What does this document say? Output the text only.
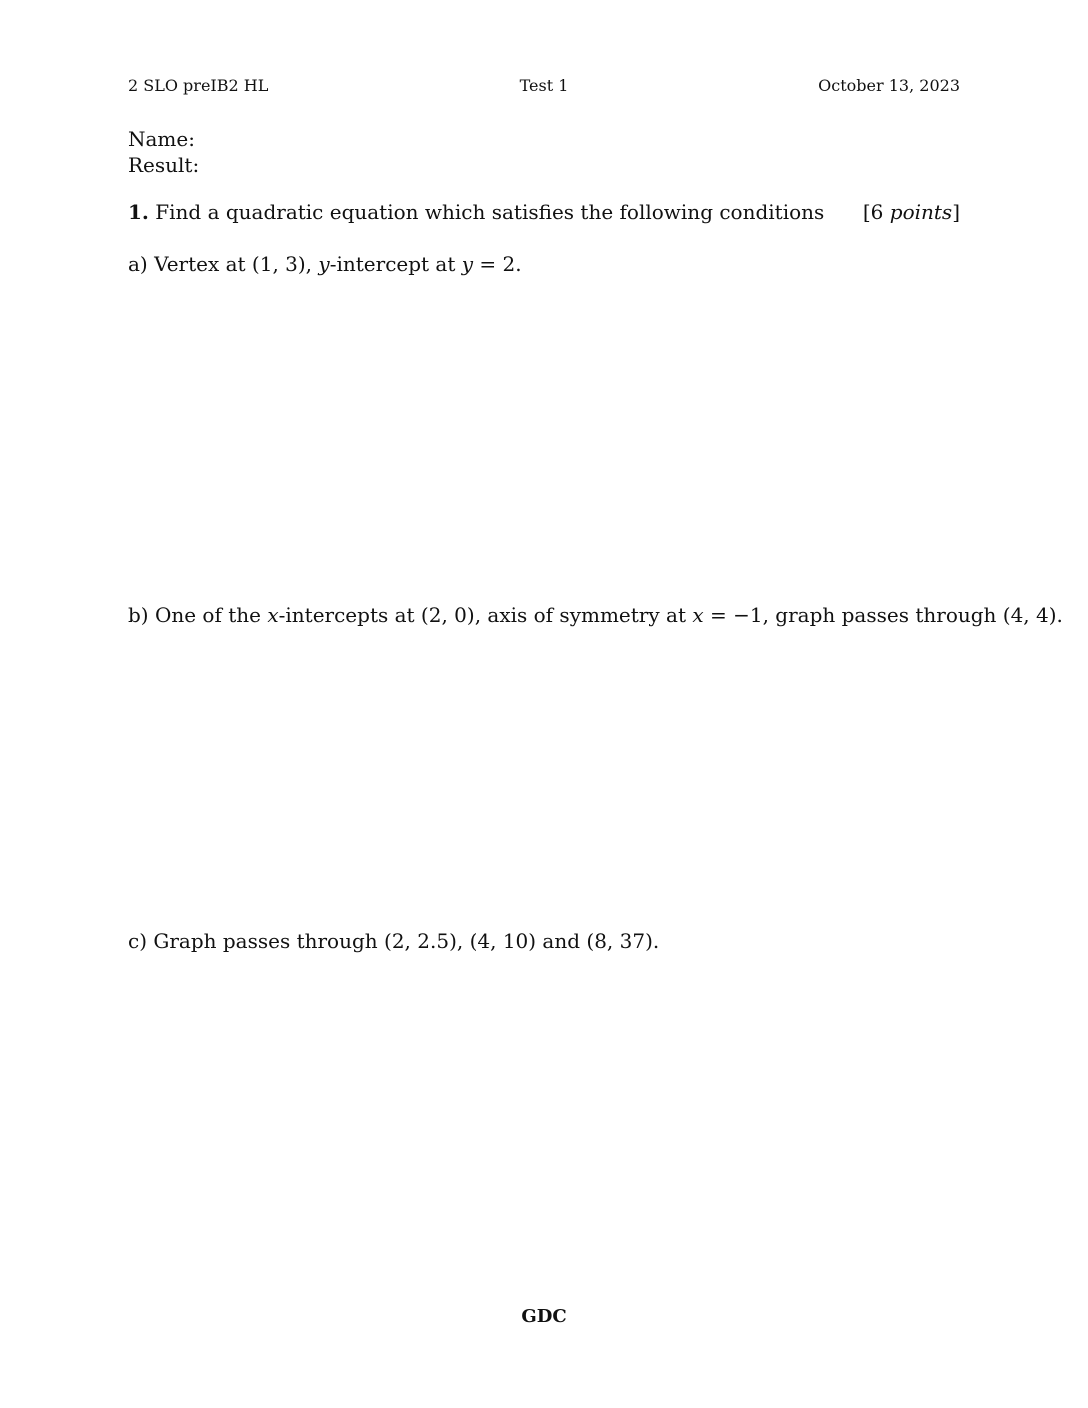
2 SLO preIB2 HL	Test 1	October 13, 2023
Name:
Result:
1. Find a quadratic equation which satisfies the following conditions [6 points]
a) Vertex at (1, 3), y-intercept at y = 2.
b) One of the x-intercepts at (2, 0), axis of symmetry at x = −1, graph passes through (4, 4).
c) Graph passes through (2, 2.5), (4, 10) and (8, 37).
GDC
